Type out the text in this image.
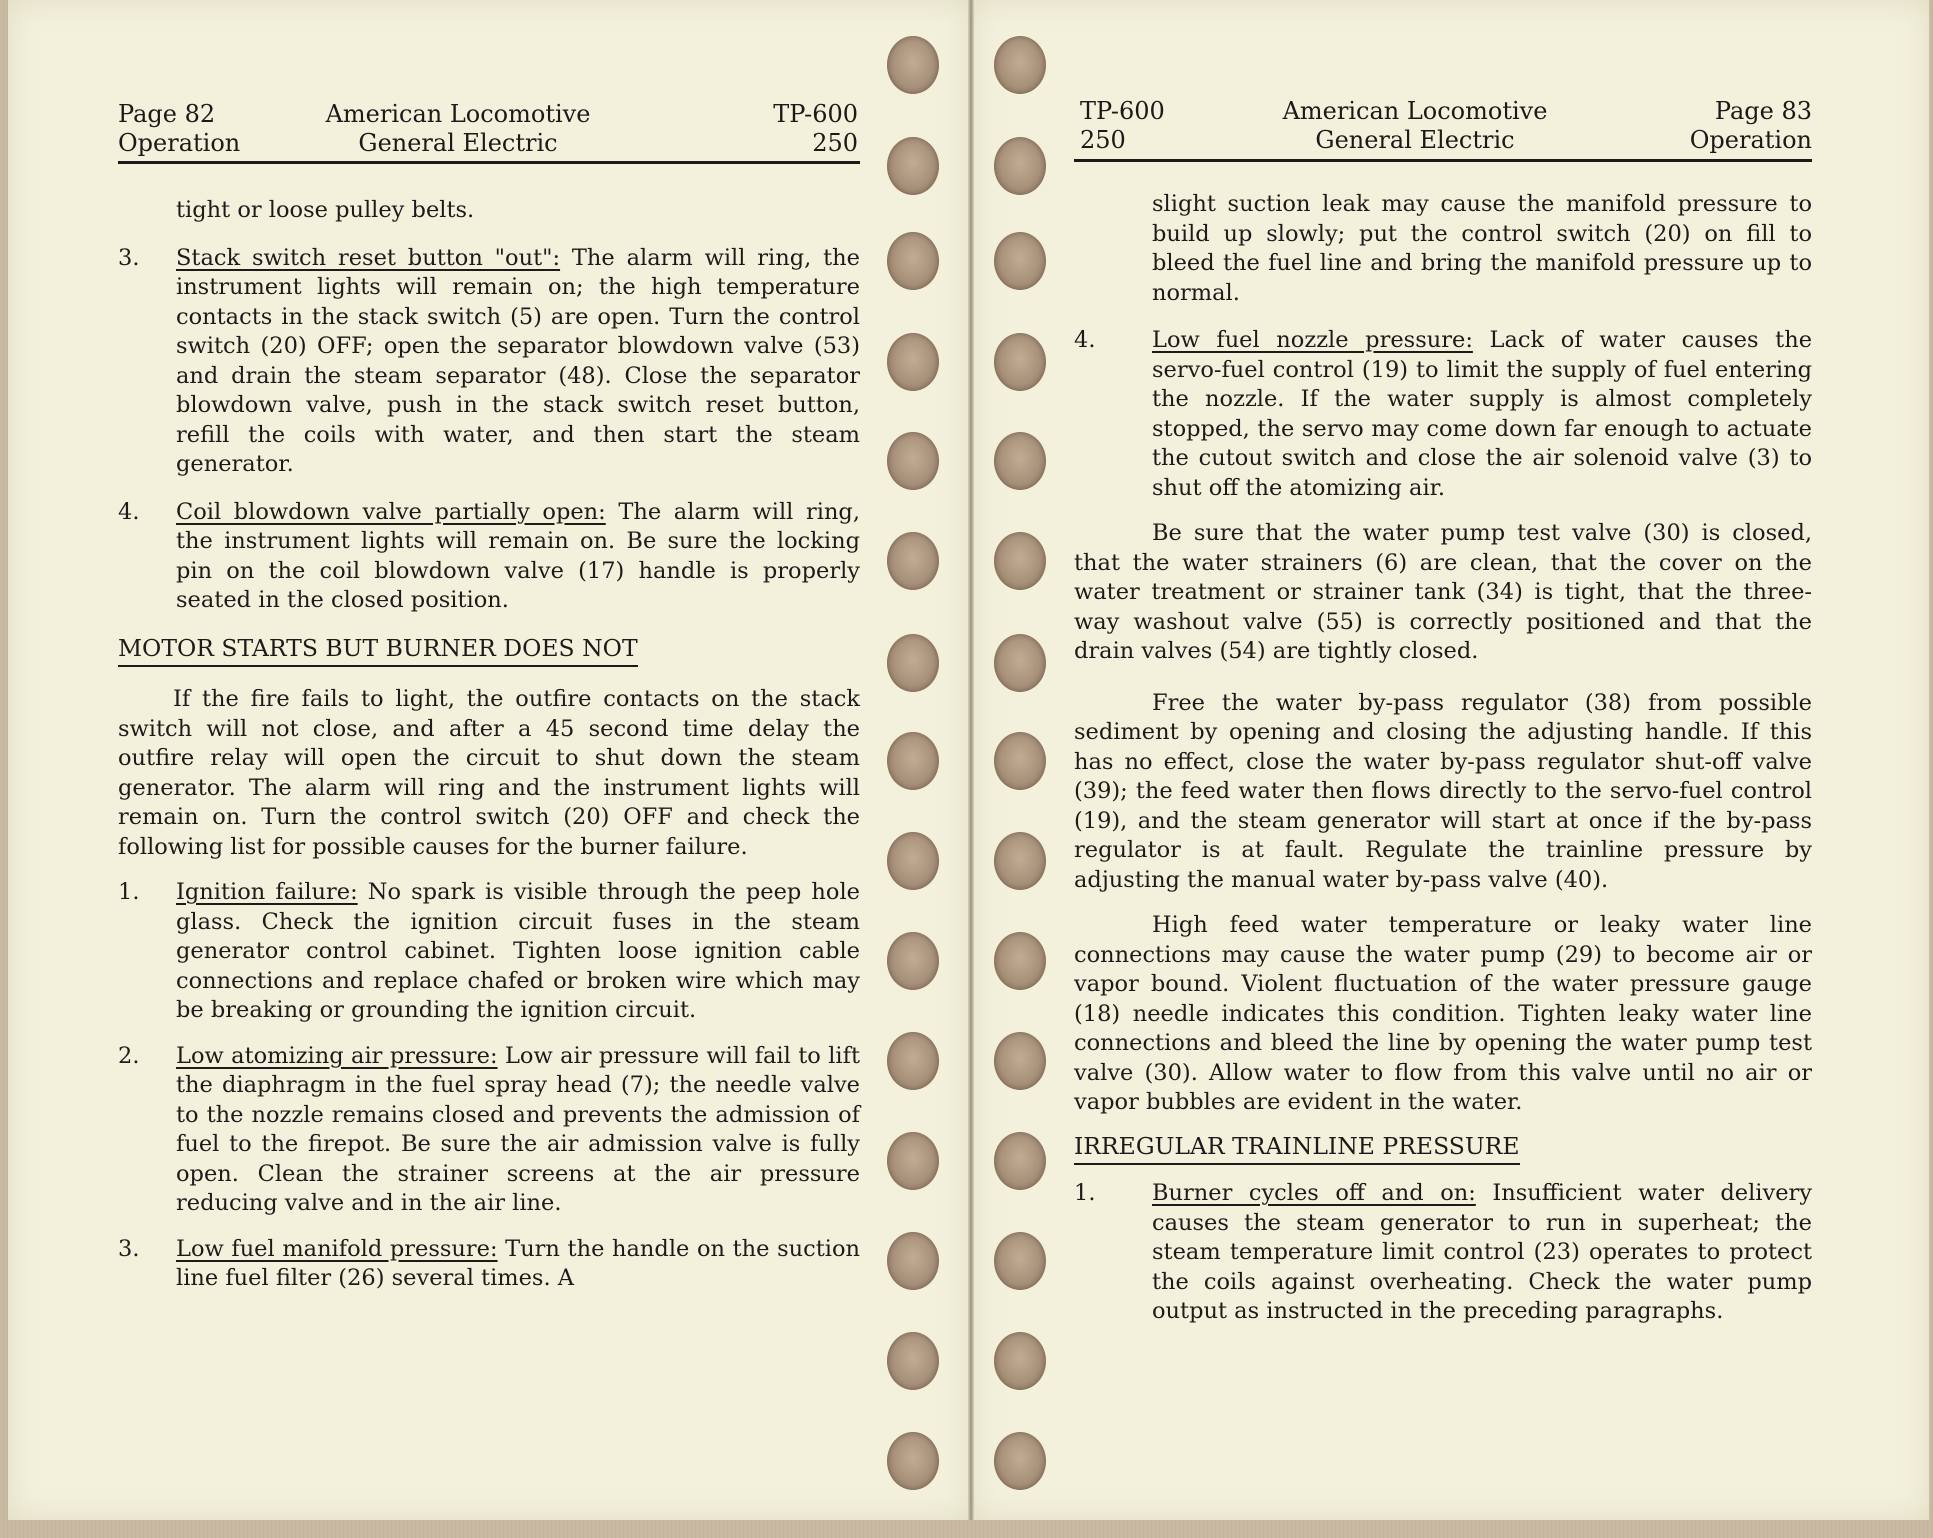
Page 82
Operation
American Locomotive
General Electric
TP-600
250

tight or loose pulley belts.

3. Stack switch reset button "out": The alarm will ring, the instrument lights will remain on; the high temperature contacts in the stack switch (5) are open. Turn the control switch (20) OFF; open the separator blowdown valve (53) and drain the steam separator (48). Close the separator blowdown valve, push in the stack switch reset button, refill the coils with water, and then start the steam generator.

4. Coil blowdown valve partially open: The alarm will ring, the instrument lights will remain on. Be sure the locking pin on the coil blowdown valve (17) handle is properly seated in the closed position.

MOTOR STARTS BUT BURNER DOES NOT

If the fire fails to light, the outfire contacts on the stack switch will not close, and after a 45 second time delay the outfire relay will open the circuit to shut down the steam generator. The alarm will ring and the instrument lights will remain on. Turn the control switch (20) OFF and check the following list for possible causes for the burner failure.

1. Ignition failure: No spark is visible through the peep hole glass. Check the ignition circuit fuses in the steam generator control cabinet. Tighten loose ignition cable connections and replace chafed or broken wire which may be breaking or grounding the ignition circuit.

2. Low atomizing air pressure: Low air pressure will fail to lift the diaphragm in the fuel spray head (7); the needle valve to the nozzle remains closed and prevents the admission of fuel to the firepot. Be sure the air admission valve is fully open. Clean the strainer screens at the air pressure reducing valve and in the air line.

3. Low fuel manifold pressure: Turn the handle on the suction line fuel filter (26) several times. A

TP-600
250
American Locomotive
General Electric
Page 83
Operation

slight suction leak may cause the manifold pressure to build up slowly; put the control switch (20) on fill to bleed the fuel line and bring the manifold pressure up to normal.

4.	Low fuel nozzle pressure: Lack of water causes the servo-fuel control (19) to limit the supply of fuel entering the nozzle. If the water supply is almost completely stopped, the servo may come down far enough to actuate the cutout switch and close the air solenoid valve (3) to shut off the atomizing air.

Be sure that the water pump test valve (30) is closed, that the water strainers (6) are clean, that the cover on the water treatment or strainer tank (34) is tight, that the three-way washout valve (55) is correctly positioned and that the drain valves (54) are tightly closed.

Free the water by-pass regulator (38) from possible sediment by opening and closing the adjusting handle. If this has no effect, close the water by-pass regulator shut-off valve (39); the feed water then flows directly to the servo-fuel control (19), and the steam generator will start at once if the by-pass regulator is at fault. Regulate the trainline pressure by adjusting the manual water by-pass valve (40).

High feed water temperature or leaky water line connections may cause the water pump (29) to become air or vapor bound. Violent fluctuation of the water pressure gauge (18) needle indicates this condition. Tighten leaky water line connections and bleed the line by opening the water pump test valve (30). Allow water to flow from this valve until no air or vapor bubbles are evident in the water.

IRREGULAR TRAINLINE PRESSURE

1.	Burner cycles off and on: Insufficient water delivery causes the steam generator to run in superheat; the steam temperature limit control (23) operates to protect the coils against overheating. Check the water pump output as instructed in the preceding paragraphs.
